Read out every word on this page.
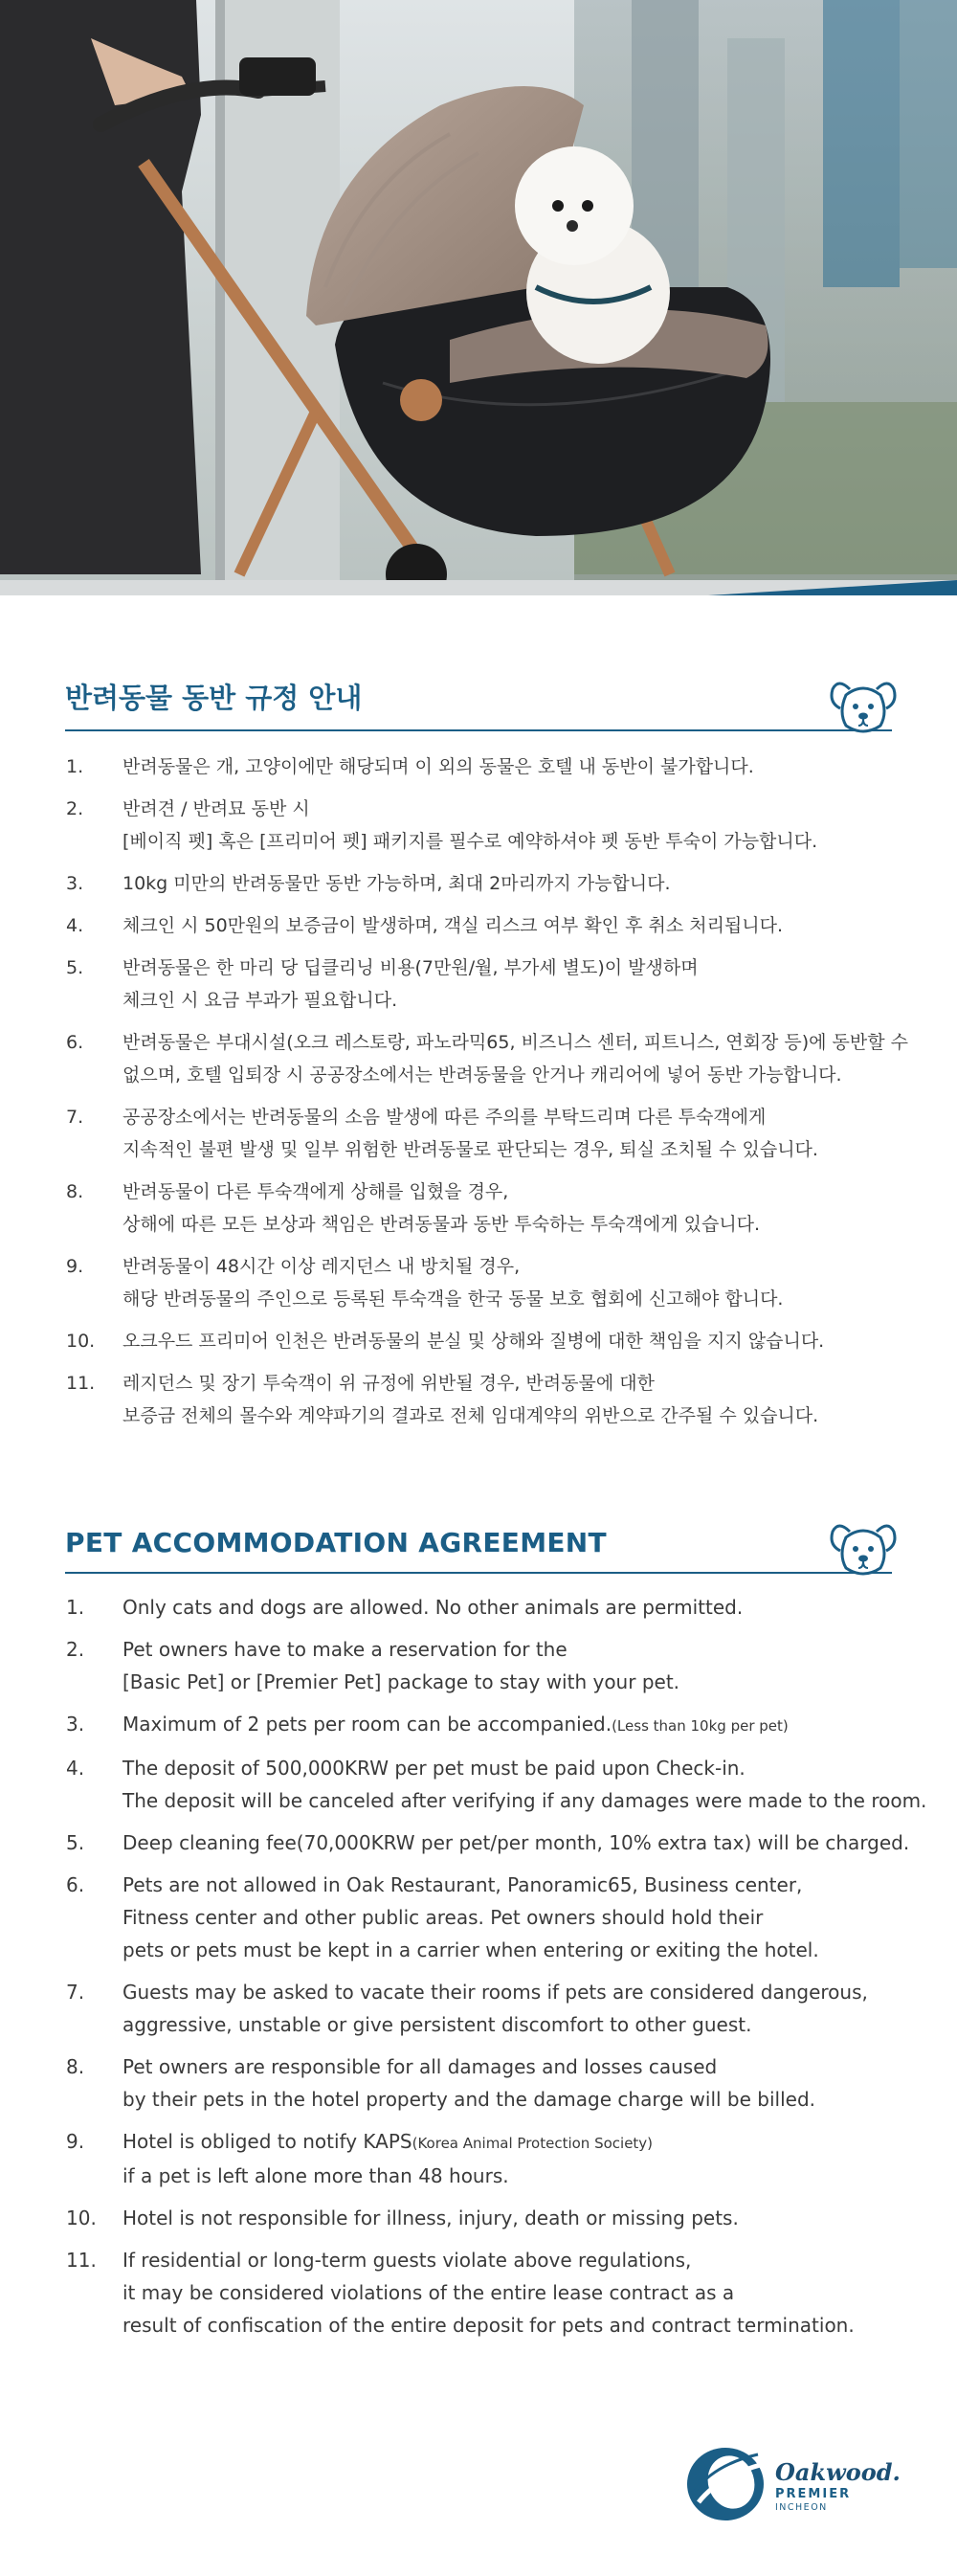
반려동물 동반 규정 안내
1. 반려동물은 개, 고양이에만 해당되며 이 외의 동물은 호텔 내 동반이 불가합니다.
2. 반려견 / 반려묘 동반 시
[베이직 펫] 혹은 [프리미어 펫] 패키지를 필수로 예약하셔야 펫 동반 투숙이 가능합니다.
3. 10kg 미만의 반려동물만 동반 가능하며, 최대 2마리까지 가능합니다.
4. 체크인 시 50만원의 보증금이 발생하며, 객실 리스크 여부 확인 후 취소 처리됩니다.
5. 반려동물은 한 마리 당 딥클리닝 비용(7만원/월, 부가세 별도)이 발생하며
체크인 시 요금 부과가 필요합니다.
6. 반려동물은 부대시설(오크 레스토랑, 파노라믹65, 비즈니스 센터, 피트니스, 연회장 등)에 동반할 수
없으며, 호텔 입퇴장 시 공공장소에서는 반려동물을 안거나 캐리어에 넣어 동반 가능합니다.
7. 공공장소에서는 반려동물의 소음 발생에 따른 주의를 부탁드리며 다른 투숙객에게
지속적인 불편 발생 및 일부 위험한 반려동물로 판단되는 경우, 퇴실 조치될 수 있습니다.
8. 반려동물이 다른 투숙객에게 상해를 입혔을 경우,
상해에 따른 모든 보상과 책임은 반려동물과 동반 투숙하는 투숙객에게 있습니다.
9. 반려동물이 48시간 이상 레지던스 내 방치될 경우,
해당 반려동물의 주인으로 등록된 투숙객을 한국 동물 보호 협회에 신고해야 합니다.
10. 오크우드 프리미어 인천은 반려동물의 분실 및 상해와 질병에 대한 책임을 지지 않습니다.
11. 레지던스 및 장기 투숙객이 위 규정에 위반될 경우, 반려동물에 대한
보증금 전체의 몰수와 계약파기의 결과로 전체 임대계약의 위반으로 간주될 수 있습니다.
PET ACCOMMODATION AGREEMENT
1. Only cats and dogs are allowed. No other animals are permitted.
2. Pet owners have to make a reservation for the
[Basic Pet] or [Premier Pet] package to stay with your pet.
3. Maximum of 2 pets per room can be accompanied.(Less than 10kg per pet)
4. The deposit of 500,000KRW per pet must be paid upon Check-in.
The deposit will be canceled after verifying if any damages were made to the room.
5. Deep cleaning fee(70,000KRW per pet/per month, 10% extra tax) will be charged.
6. Pets are not allowed in Oak Restaurant, Panoramic65, Business center,
Fitness center and other public areas. Pet owners should hold their
pets or pets must be kept in a carrier when entering or exiting the hotel.
7. Guests may be asked to vacate their rooms if pets are considered dangerous,
aggressive, unstable or give persistent discomfort to other guest.
8. Pet owners are responsible for all damages and losses caused
by their pets in the hotel property and the damage charge will be billed.
9. Hotel is obliged to notify KAPS(Korea Animal Protection Society)
if a pet is left alone more than 48 hours.
10. Hotel is not responsible for illness, injury, death or missing pets.
11. If residential or long-term guests violate above regulations,
it may be considered violations of the entire lease contract as a
result of confiscation of the entire deposit for pets and contract termination.
Oakwood.
PREMIER
INCHEON
